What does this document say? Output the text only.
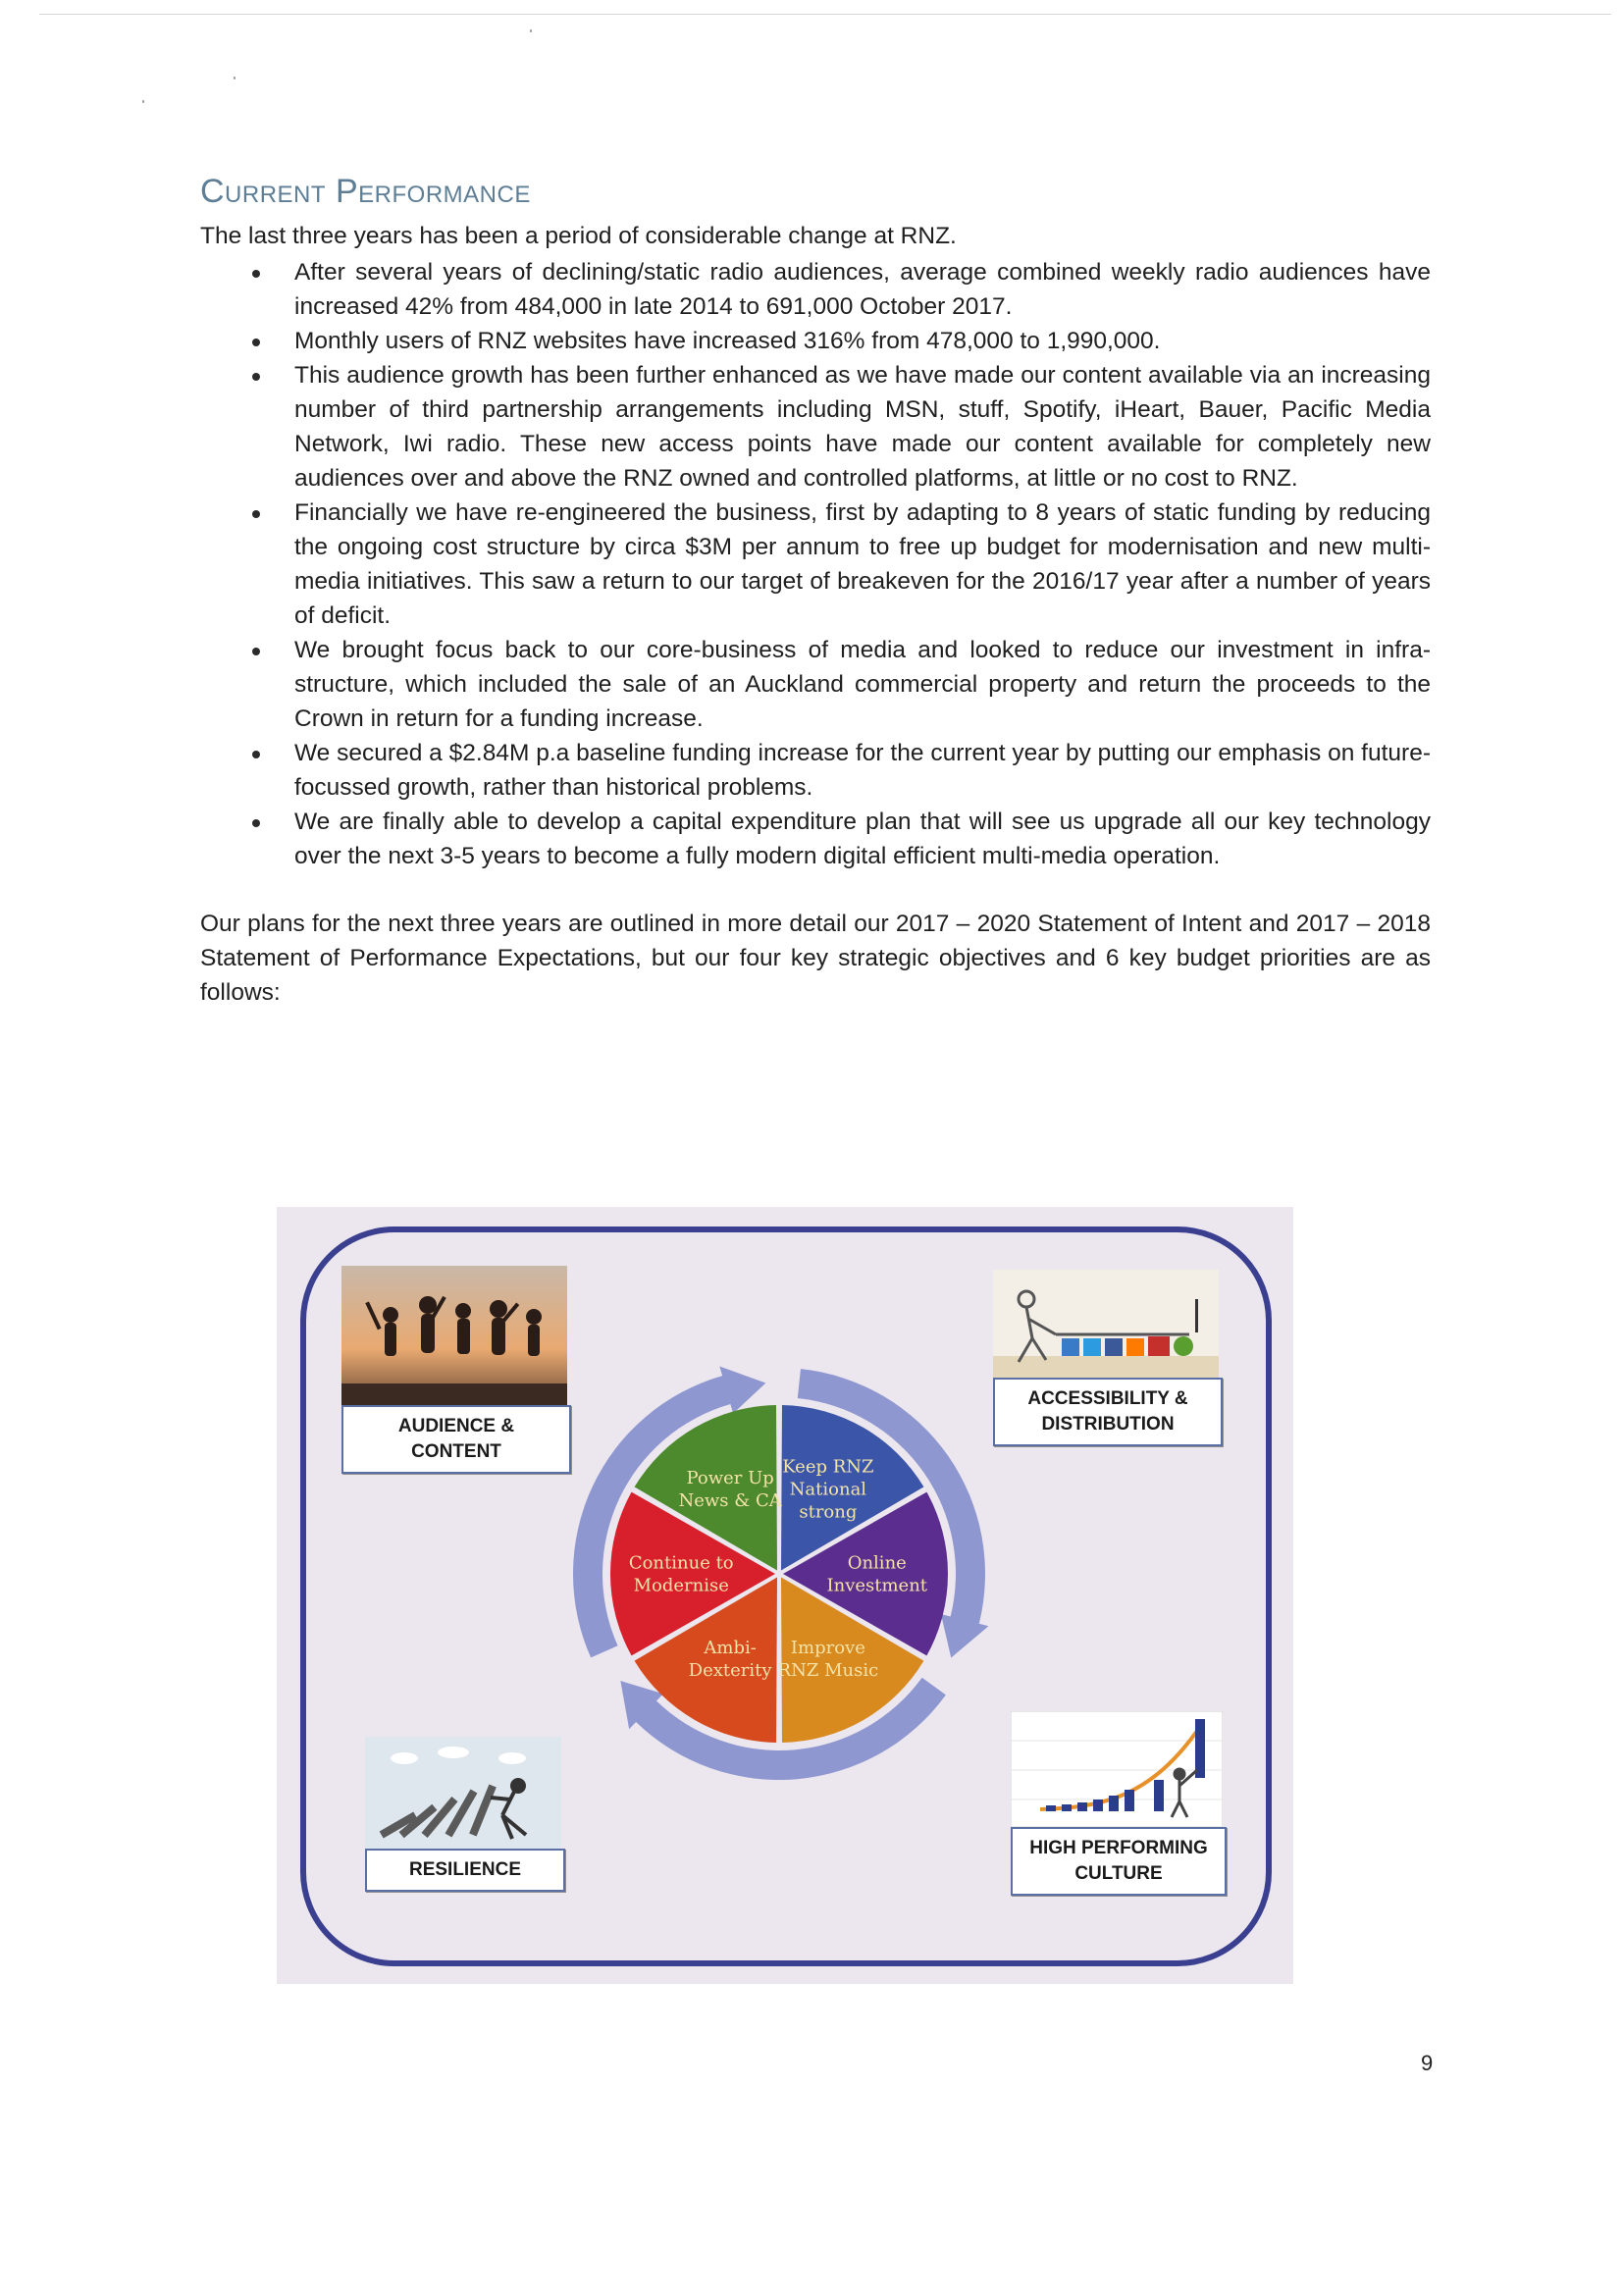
Current Performance

The last three years has been a period of considerable change at RNZ.

After several years of declining/static radio audiences, average combined weekly radio audiences have increased 42% from 484,000 in late 2014 to 691,000 October 2017.
Monthly users of RNZ websites have increased 316% from 478,000 to 1,990,000.
This audience growth has been further enhanced as we have made our content available via an increasing number of third partnership arrangements including MSN, stuff, Spotify, iHeart, Bauer, Pacific Media Network, Iwi radio. These new access points have made our content available for completely new audiences over and above the RNZ owned and controlled platforms, at little or no cost to RNZ.
Financially we have re-engineered the business, first by adapting to 8 years of static funding by reducing the ongoing cost structure by circa $3M per annum to free up budget for modernisation and new multi-media initiatives. This saw a return to our target of breakeven for the 2016/17 year after a number of years of deficit.
We brought focus back to our core-business of media and looked to reduce our investment in infra-structure, which included the sale of an Auckland commercial property and return the proceeds to the Crown in return for a funding increase.
We secured a $2.84M p.a baseline funding increase for the current year by putting our emphasis on future-focussed growth, rather than historical problems.
We are finally able to develop a capital expenditure plan that will see us upgrade all our key technology over the next 3-5 years to become a fully modern digital efficient multi-media operation.

Our plans for the next three years are outlined in more detail our 2017 – 2020 Statement of Intent and 2017 – 2018 Statement of Performance Expectations, but our four key strategic objectives and 6 key budget priorities are as follows:

AUDIENCE &
CONTENT
ACCESSIBILITY &
DISTRIBUTION
RESILIENCE
HIGH PERFORMING
CULTURE
Keep RNZ National strong
Online Investment
Improve RNZ Music
Ambi-Dexterity
Continue to Modernise
Power Up News & CA
9
